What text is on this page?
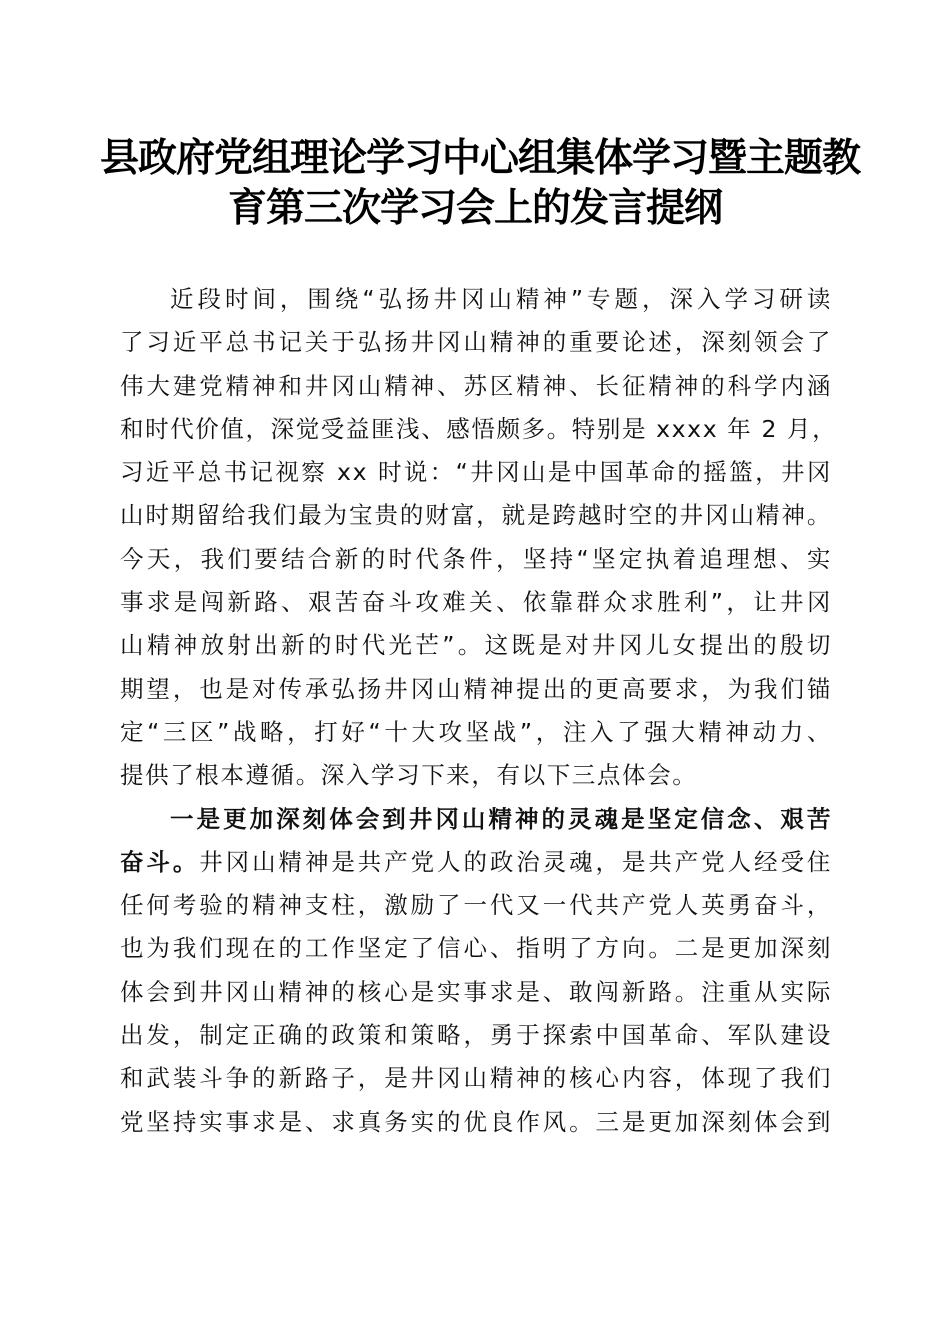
县政府党组理论学习中心组集体学习暨主题教
育第三次学习会上的发言提纲
近段时间，围绕“弘扬井冈山精神”专题，深入学习研读
了习近平总书记关于弘扬井冈山精神的重要论述，深刻领会了
伟大建党精神和井冈山精神、苏区精神、长征精神的科学内涵
和时代价值，深觉受益匪浅、感悟颇多。特别是 xxxx 年 2 月，
习近平总书记视察 xx 时说：“井冈山是中国革命的摇篮，井冈
山时期留给我们最为宝贵的财富，就是跨越时空的井冈山精神。
今天，我们要结合新的时代条件，坚持“坚定执着追理想、实
事求是闯新路、艰苦奋斗攻难关、依靠群众求胜利”，让井冈
山精神放射出新的时代光芒”。这既是对井冈儿女提出的殷切
期望，也是对传承弘扬井冈山精神提出的更高要求，为我们锚
定“三区”战略，打好“十大攻坚战”，注入了强大精神动力、
提供了根本遵循。深入学习下来，有以下三点体会。
一是更加深刻体会到井冈山精神的灵魂是坚定信念、艰苦
奋斗。井冈山精神是共产党人的政治灵魂，是共产党人经受住
任何考验的精神支柱，激励了一代又一代共产党人英勇奋斗，
也为我们现在的工作坚定了信心、指明了方向。二是更加深刻
体会到井冈山精神的核心是实事求是、敢闯新路。注重从实际
出发，制定正确的政策和策略，勇于探索中国革命、军队建设
和武装斗争的新路子，是井冈山精神的核心内容，体现了我们
党坚持实事求是、求真务实的优良作风。三是更加深刻体会到
